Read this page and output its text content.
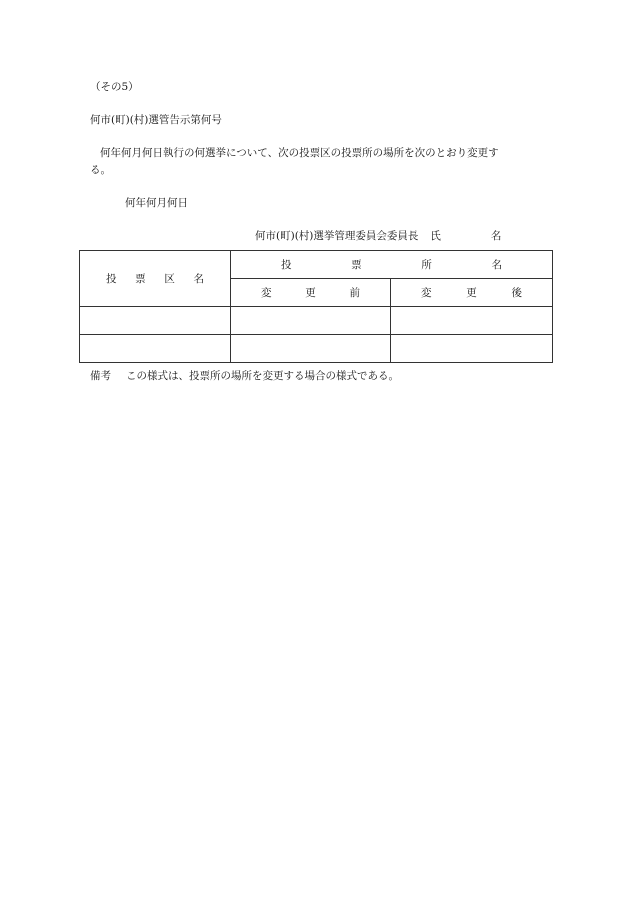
（その5）
何市(町)(村)選管告示第何号
何年何月何日執行の何選挙について、次の投票区の投票所の場所を次のとおり変更す
る。
何年何月何日
何市(町)(村)選挙管理委員会委員長 氏	名
投 票 区 名	投 票 所 名	

	変 更 前	変 更 後

備考 この様式は、投票所の場所を変更する場合の様式である。
